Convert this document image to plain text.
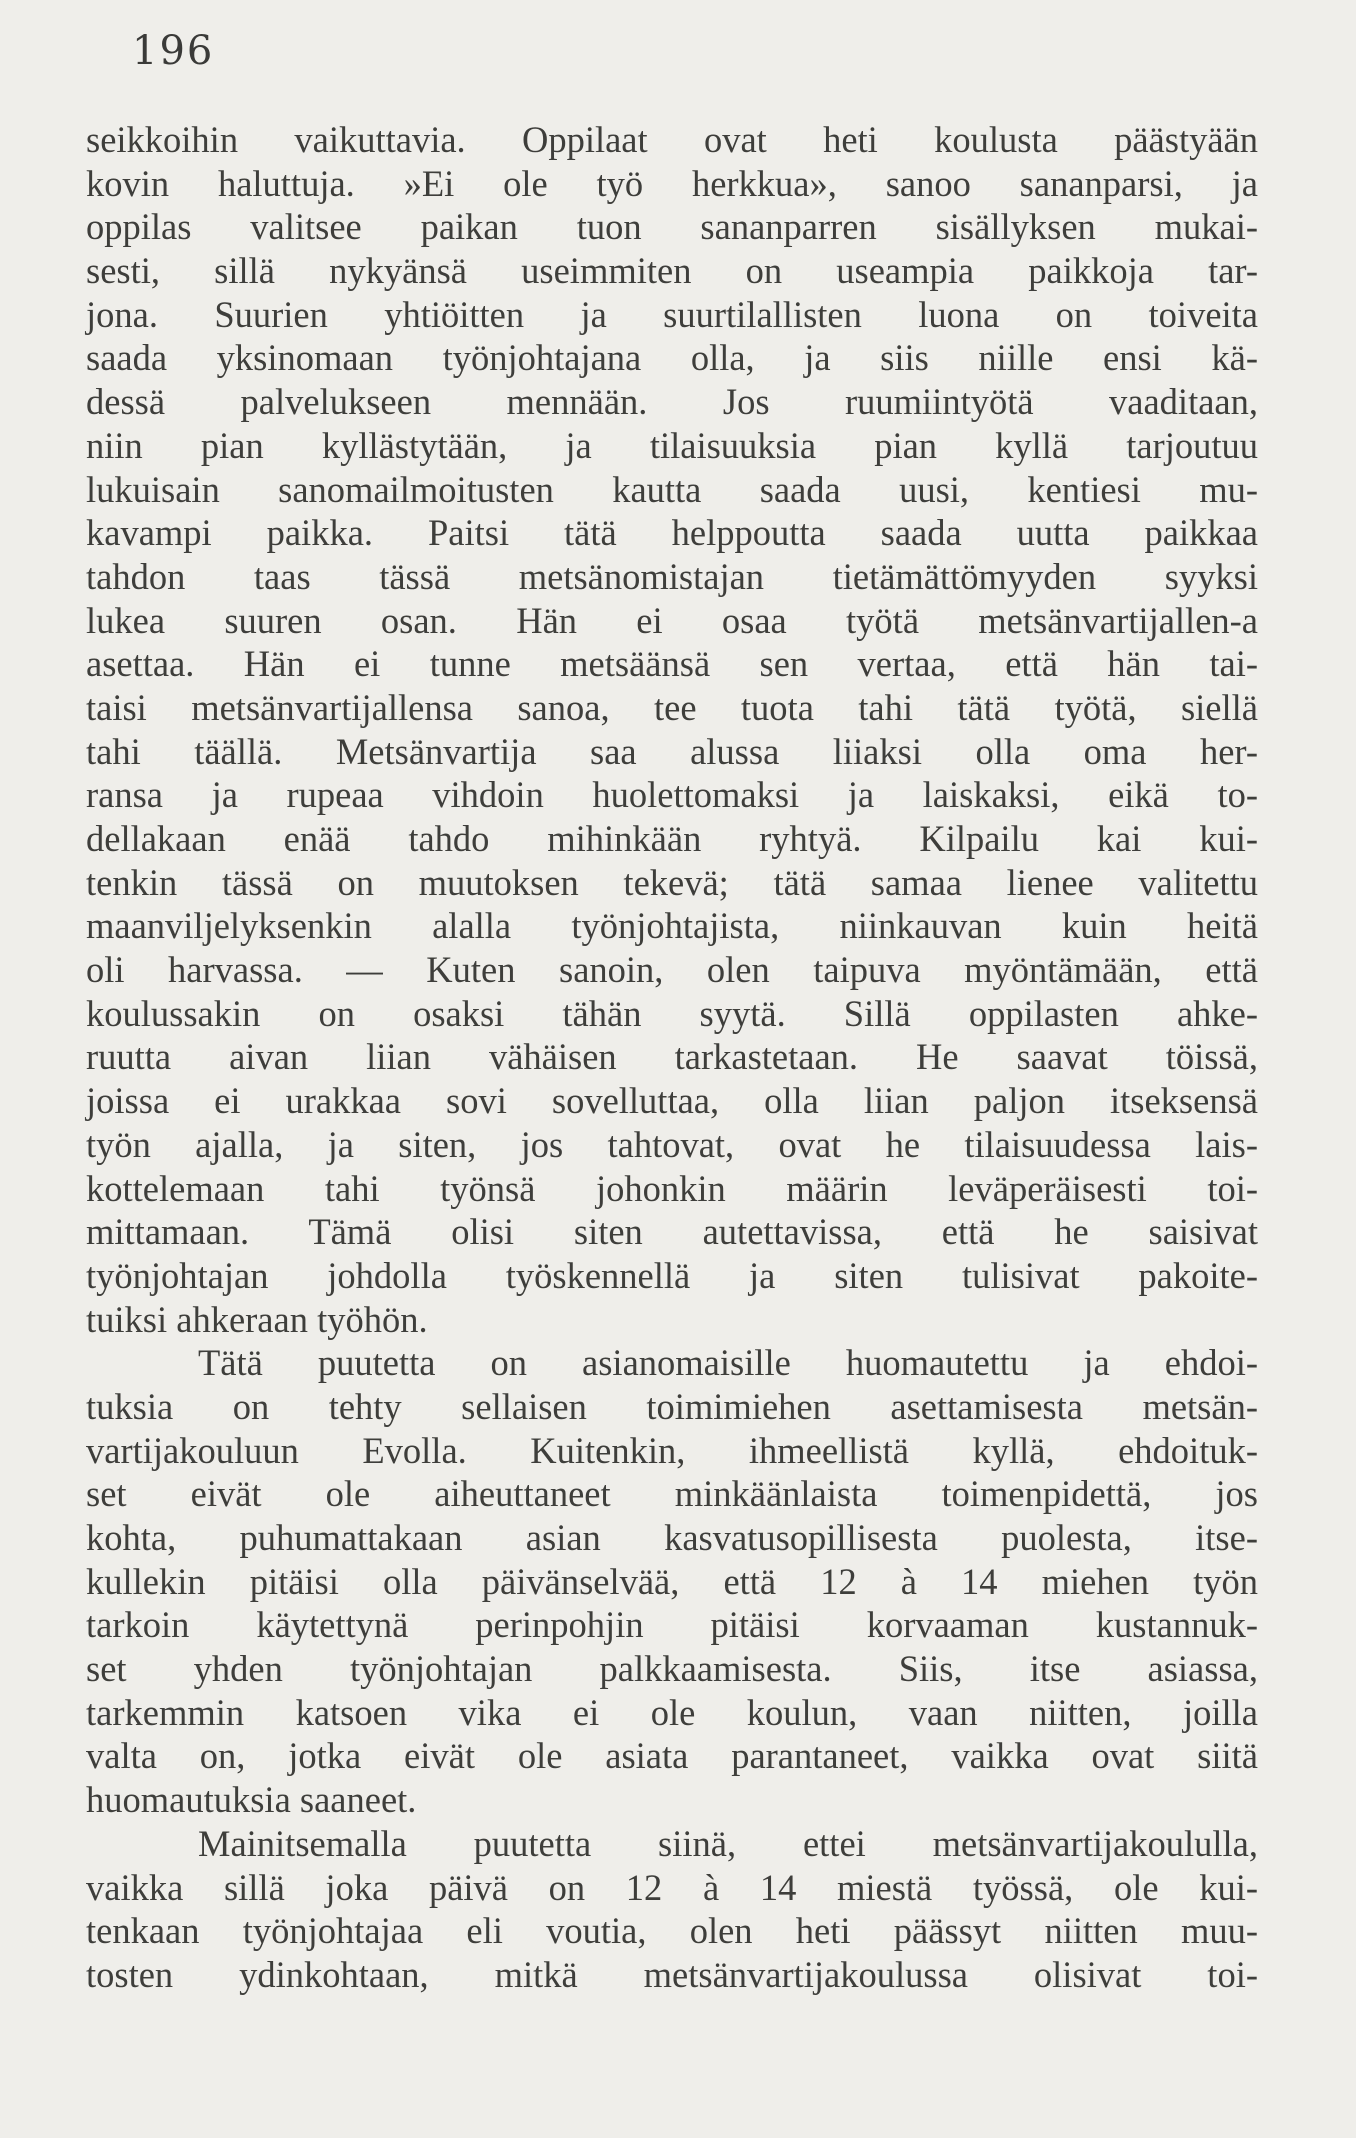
196
seikkoihin vaikuttavia. Oppilaat ovat heti koulusta päästyään
kovin haluttuja. »Ei ole työ herkkua», sanoo sananparsi, ja
oppilas valitsee paikan tuon sananparren sisällyksen mukai-
sesti, sillä nykyänsä useimmiten on useampia paikkoja tar-
jona. Suurien yhtiöitten ja suurtilallisten luona on toiveita
saada yksinomaan työnjohtajana olla, ja siis niille ensi kä-
dessä palvelukseen mennään. Jos ruumiintyötä vaaditaan,
niin pian kyllästytään, ja tilaisuuksia pian kyllä tarjoutuu
lukuisain sanomailmoitusten kautta saada uusi, kentiesi mu-
kavampi paikka. Paitsi tätä helppoutta saada uutta paikkaa
tahdon taas tässä metsänomistajan tietämättömyyden syyksi
lukea suuren osan. Hän ei osaa työtä metsänvartijallen-a
asettaa. Hän ei tunne metsäänsä sen vertaa, että hän tai-
taisi metsänvartijallensa sanoa, tee tuota tahi tätä työtä, siellä
tahi täällä. Metsänvartija saa alussa liiaksi olla oma her-
ransa ja rupeaa vihdoin huolettomaksi ja laiskaksi, eikä to-
dellakaan enää tahdo mihinkään ryhtyä. Kilpailu kai kui-
tenkin tässä on muutoksen tekevä; tätä samaa lienee valitettu
maanviljelyksenkin alalla työnjohtajista, niinkauvan kuin heitä
oli harvassa. — Kuten sanoin, olen taipuva myöntämään, että
koulussakin on osaksi tähän syytä. Sillä oppilasten ahke-
ruutta aivan liian vähäisen tarkastetaan. He saavat töissä,
joissa ei urakkaa sovi sovelluttaa, olla liian paljon itseksensä
työn ajalla, ja siten, jos tahtovat, ovat he tilaisuudessa lais-
kottelemaan tahi työnsä johonkin määrin leväperäisesti toi-
mittamaan. Tämä olisi siten autettavissa, että he saisivat
työnjohtajan johdolla työskennellä ja siten tulisivat pakoite-
tuiksi ahkeraan työhön.
Tätä puutetta on asianomaisille huomautettu ja ehdoi-
tuksia on tehty sellaisen toimimiehen asettamisesta metsän-
vartijakouluun Evolla. Kuitenkin, ihmeellistä kyllä, ehdoituk-
set eivät ole aiheuttaneet minkäänlaista toimenpidettä, jos
kohta, puhumattakaan asian kasvatusopillisesta puolesta, itse-
kullekin pitäisi olla päivänselvää, että 12 à 14 miehen työn
tarkoin käytettynä perinpohjin pitäisi korvaaman kustannuk-
set yhden työnjohtajan palkkaamisesta. Siis, itse asiassa,
tarkemmin katsoen vika ei ole koulun, vaan niitten, joilla
valta on, jotka eivät ole asiata parantaneet, vaikka ovat siitä
huomautuksia saaneet.
Mainitsemalla puutetta siinä, ettei metsänvartijakoululla,
vaikka sillä joka päivä on 12 à 14 miestä työssä, ole kui-
tenkaan työnjohtajaa eli voutia, olen heti päässyt niitten muu-
tosten ydinkohtaan, mitkä metsänvartijakoulussa olisivat toi-
